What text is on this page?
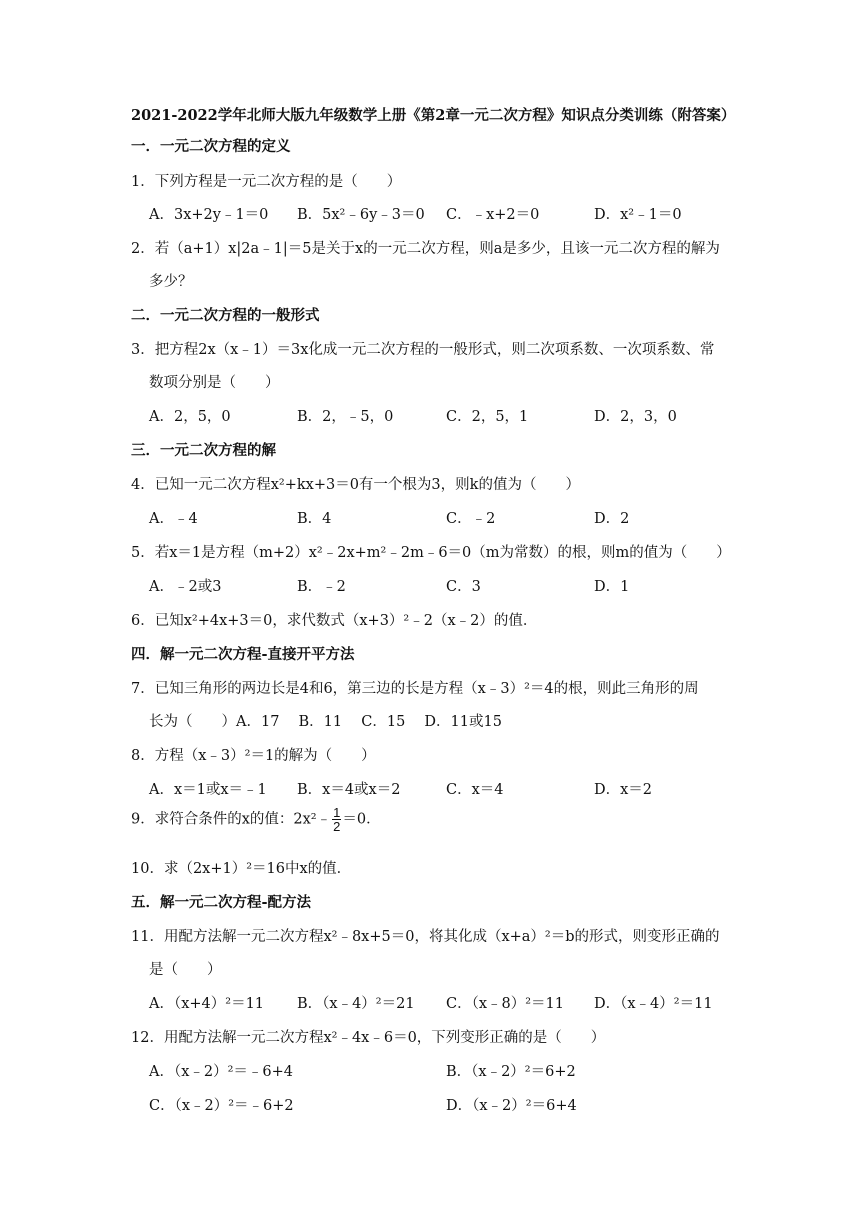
2021-2022学年北师大版九年级数学上册《第2章一元二次方程》知识点分类训练（附答案）
一．一元二次方程的定义
1．下列方程是一元二次方程的是（　　）
A．3x+2y﹣1＝0 B．5x²﹣6y﹣3＝0 C．﹣x+2＝0	D．x²﹣1＝0
2．若（a+1）x|2a﹣1|＝5是关于x的一元二次方程，则a是多少，且该一元二次方程的解为
多少？
二．一元二次方程的一般形式
3．把方程2x（x﹣1）＝3x化成一元二次方程的一般形式，则二次项系数、一次项系数、常
数项分别是（　　）
A．2，5，0	B．2，﹣5，0	C．2，5，1	D．2，3，0
三．一元二次方程的解
4．已知一元二次方程x²+kx+3＝0有一个根为3，则k的值为（　　）
A．﹣4	B．4	C．﹣2	D．2
5．若x＝1是方程（m+2）x²﹣2x+m²﹣2m﹣6＝0（m为常数）的根，则m的值为（　　）
A．﹣2或3	B．﹣2	C．3	D．1
6．已知x²+4x+3＝0，求代数式（x+3）²﹣2（x﹣2）的值．
四．解一元二次方程-直接开平方法
7．已知三角形的两边长是4和6，第三边的长是方程（x﹣3）²＝4的根，则此三角形的周
长为（　　）A．17　 B．11　 C．15　 D．11或15
8．方程（x﹣3）²＝1的解为（　　）
A．x＝1或x＝﹣1 B．x＝4或x＝2	C．x＝4	D．x＝2
9．求符合条件的x的值：2x²﹣ $\frac{1}{2} =0$．
10．求（2x+1）²＝16中x的值．
五．解一元二次方程-配方法
11．用配方法解一元二次方程x²﹣8x+5＝0，将其化成（x+a）²＝b的形式，则变形正确的
是（　　）
A．（x+4）²＝11 B．（x﹣4）²＝21 C．（x﹣8）²＝11 D．（x﹣4）²＝11
12．用配方法解一元二次方程x²﹣4x﹣6＝0，下列变形正确的是（　　）
A．（x﹣2）²＝﹣6+4	B．（x﹣2）²＝6+2
C．（x﹣2）²＝﹣6+2	D．（x﹣2）²＝6+4
